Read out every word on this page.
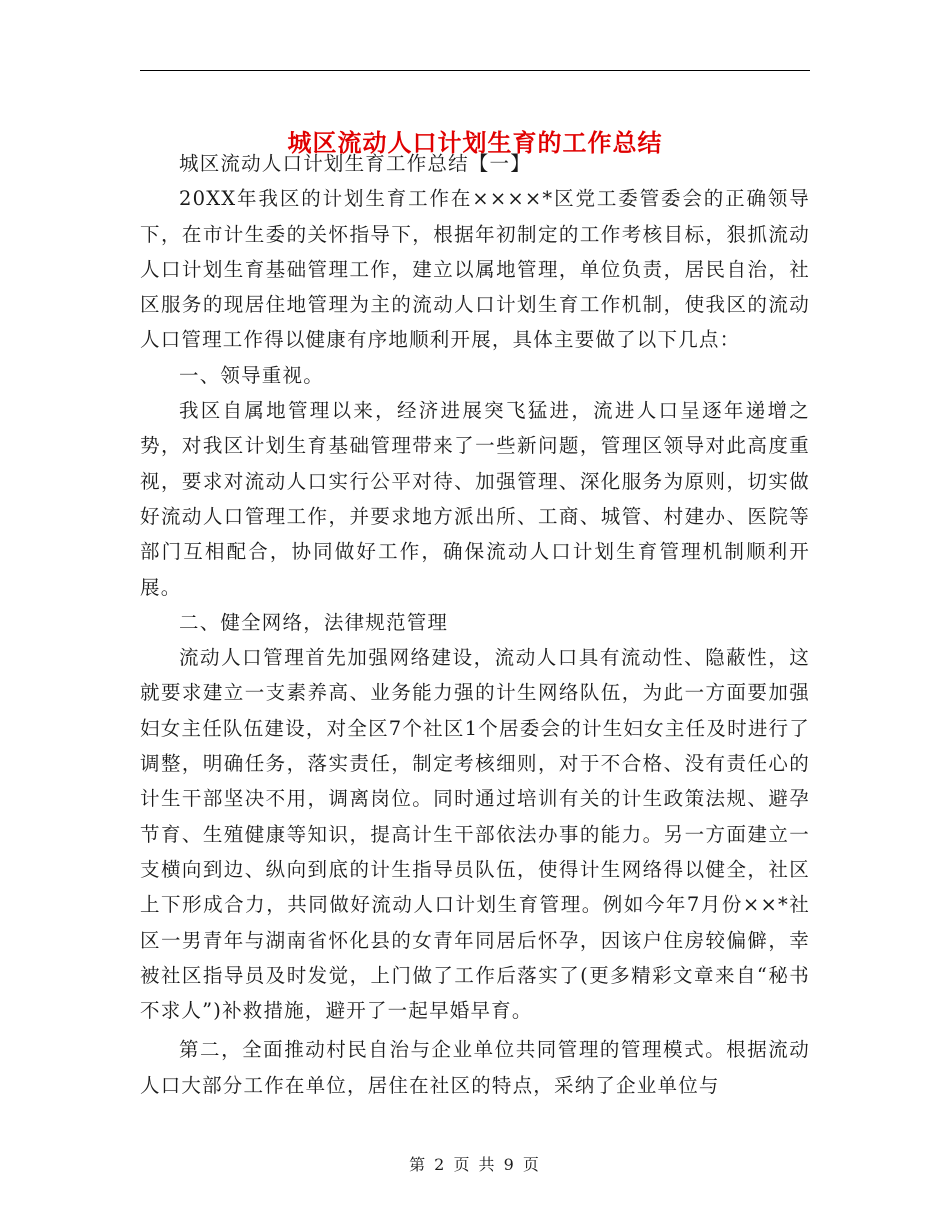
城区流动人口计划生育的工作总结

城区流动人口计划生育工作总结【一】

20XX年我区的计划生育工作在××××*区党工委管委会的正确领导下，在市计生委的关怀指导下，根据年初制定的工作考核目标，狠抓流动人口计划生育基础管理工作，建立以属地管理，单位负责，居民自治，社区服务的现居住地管理为主的流动人口计划生育工作机制，使我区的流动人口管理工作得以健康有序地顺利开展，具体主要做了以下几点：

一、领导重视。

我区自属地管理以来，经济进展突飞猛进，流进人口呈逐年递增之势，对我区计划生育基础管理带来了一些新问题，管理区领导对此高度重视，要求对流动人口实行公平对待、加强管理、深化服务为原则，切实做好流动人口管理工作，并要求地方派出所、工商、城管、村建办、医院等部门互相配合，协同做好工作，确保流动人口计划生育管理机制顺利开展。

二、健全网络，法律规范管理

流动人口管理首先加强网络建设，流动人口具有流动性、隐蔽性，这就要求建立一支素养高、业务能力强的计生网络队伍，为此一方面要加强妇女主任队伍建设，对全区7个社区1个居委会的计生妇女主任及时进行了调整，明确任务，落实责任，制定考核细则，对于不合格、没有责任心的计生干部坚决不用，调离岗位。同时通过培训有关的计生政策法规、避孕节育、生殖健康等知识，提高计生干部依法办事的能力。另一方面建立一支横向到边、纵向到底的计生指导员队伍，使得计生网络得以健全，社区上下形成合力，共同做好流动人口计划生育管理。例如今年7月份××*社区一男青年与湖南省怀化县的女青年同居后怀孕，因该户住房较偏僻，幸被社区指导员及时发觉，上门做了工作后落实了(更多精彩文章来自“秘书不求人”)补救措施，避开了一起早婚早育。

第二，全面推动村民自治与企业单位共同管理的管理模式。根据流动人口大部分工作在单位，居住在社区的特点，采纳了企业单位与

第 2 页 共 9 页
